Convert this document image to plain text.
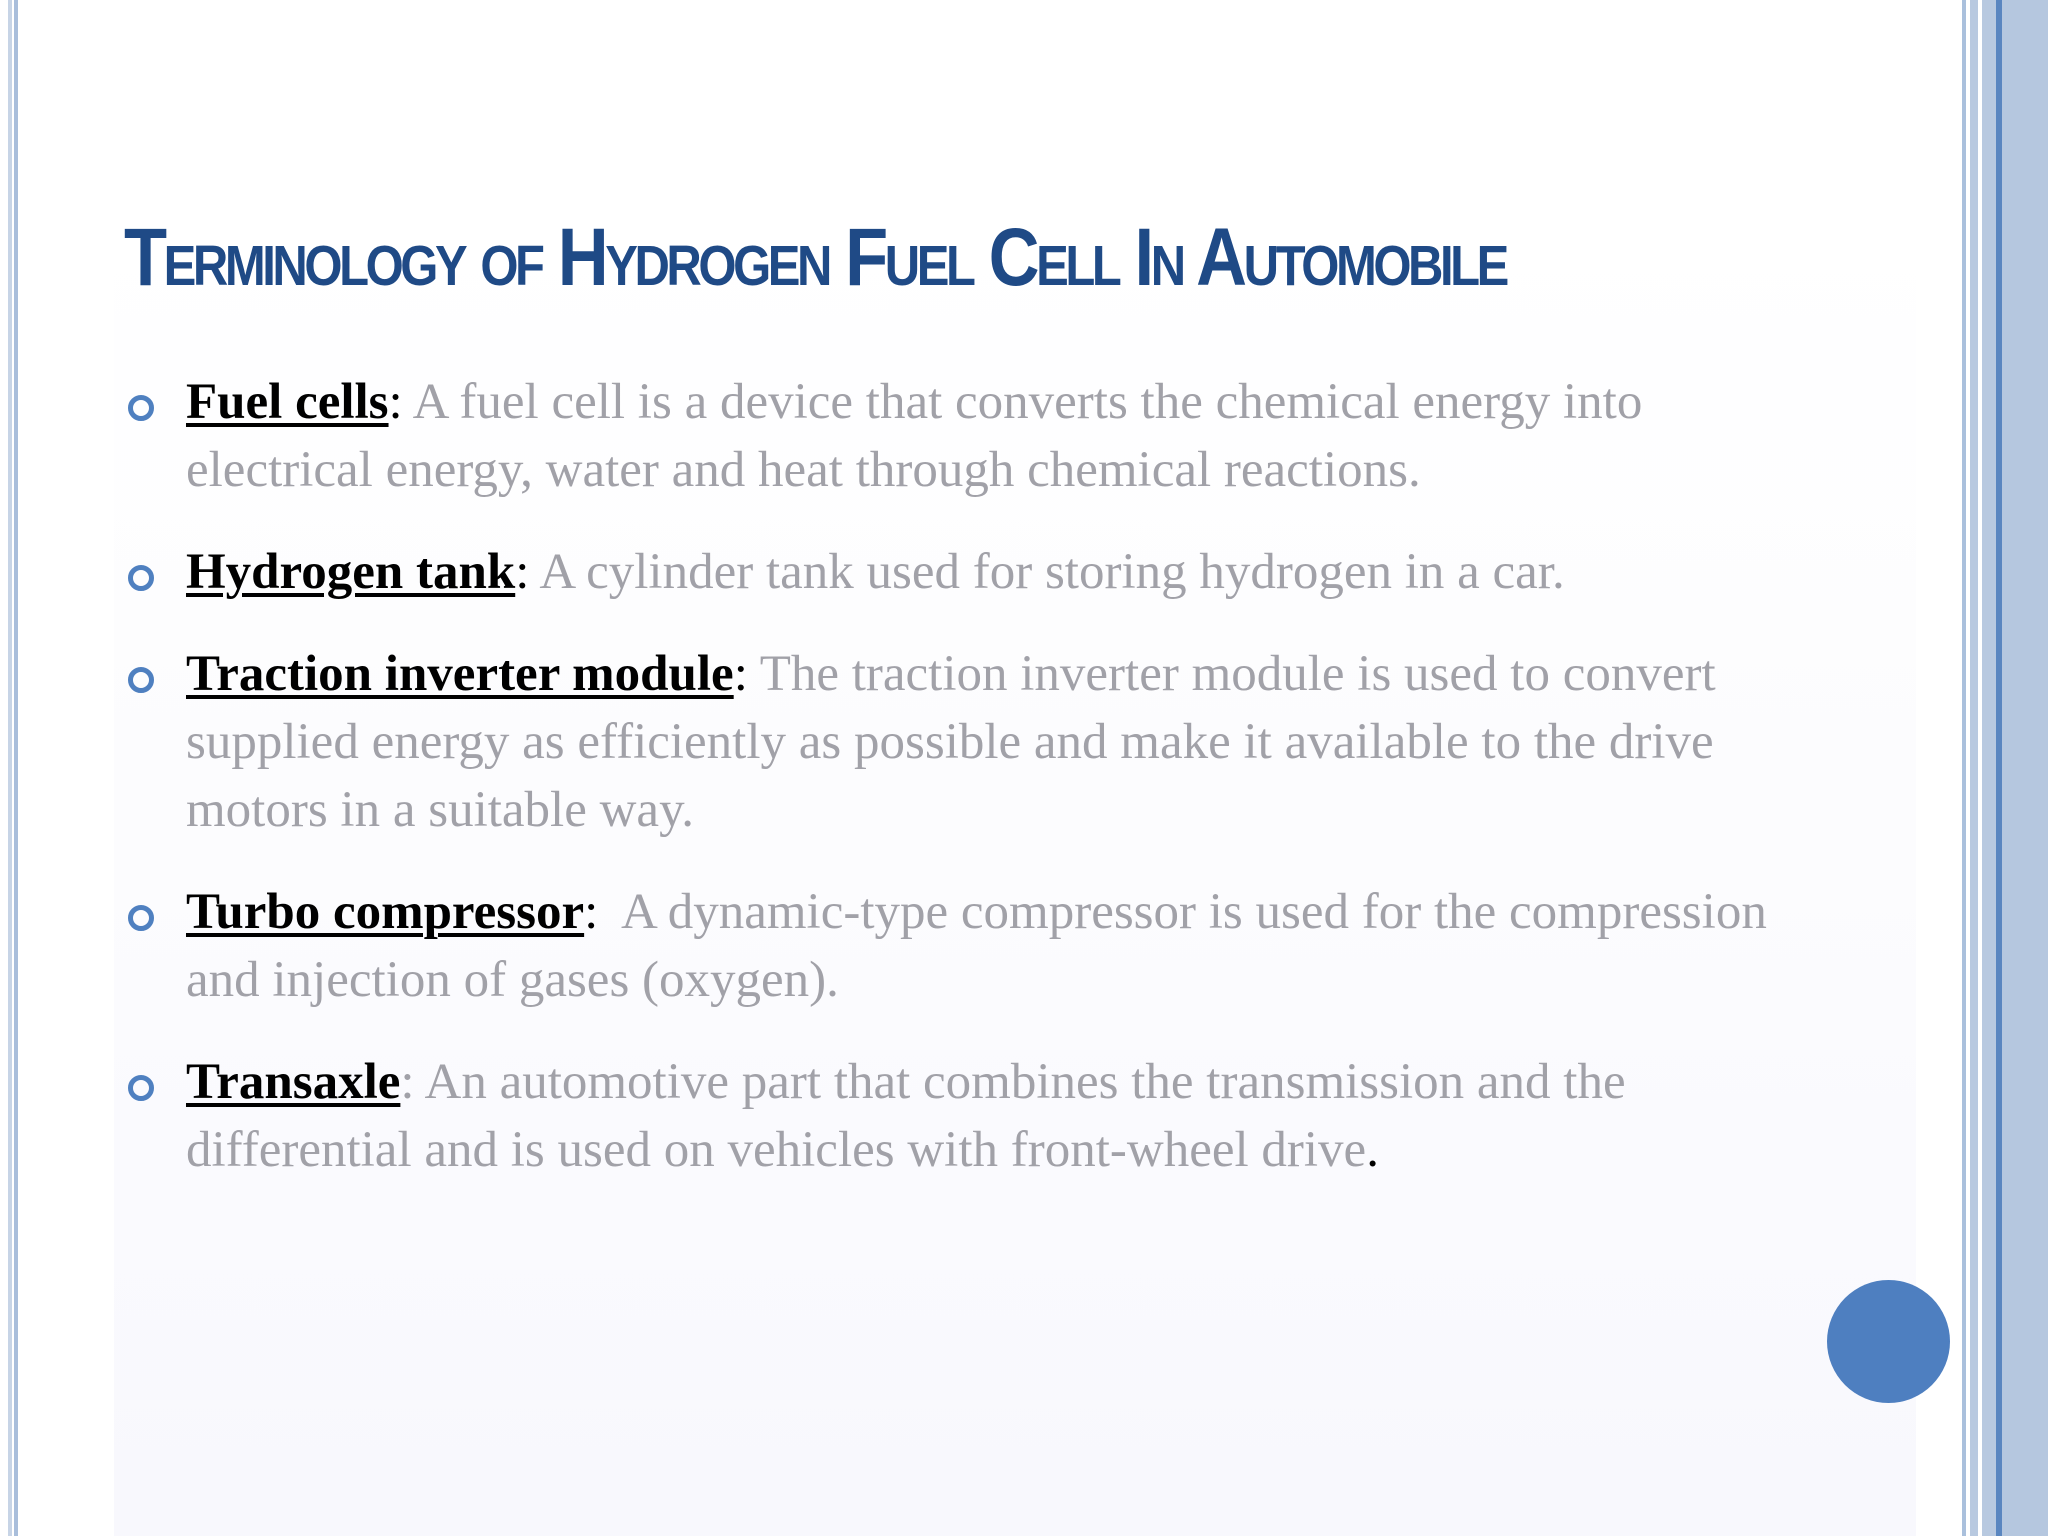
Terminology of Hydrogen Fuel Cell In Automobile
Fuel cells: A fuel cell is a device that converts the chemical energy into electrical energy, water and heat through chemical reactions.
Hydrogen tank: A cylinder tank used for storing hydrogen in a car.
Traction inverter module: The traction inverter module is used to convert supplied energy as efficiently as possible and make it available to the drive motors in a suitable way.
Turbo compressor:  A dynamic-type compressor is used for the compression and injection of gases (oxygen).
Transaxle: An automotive part that combines the transmission and the differential and is used on vehicles with front-wheel drive.
